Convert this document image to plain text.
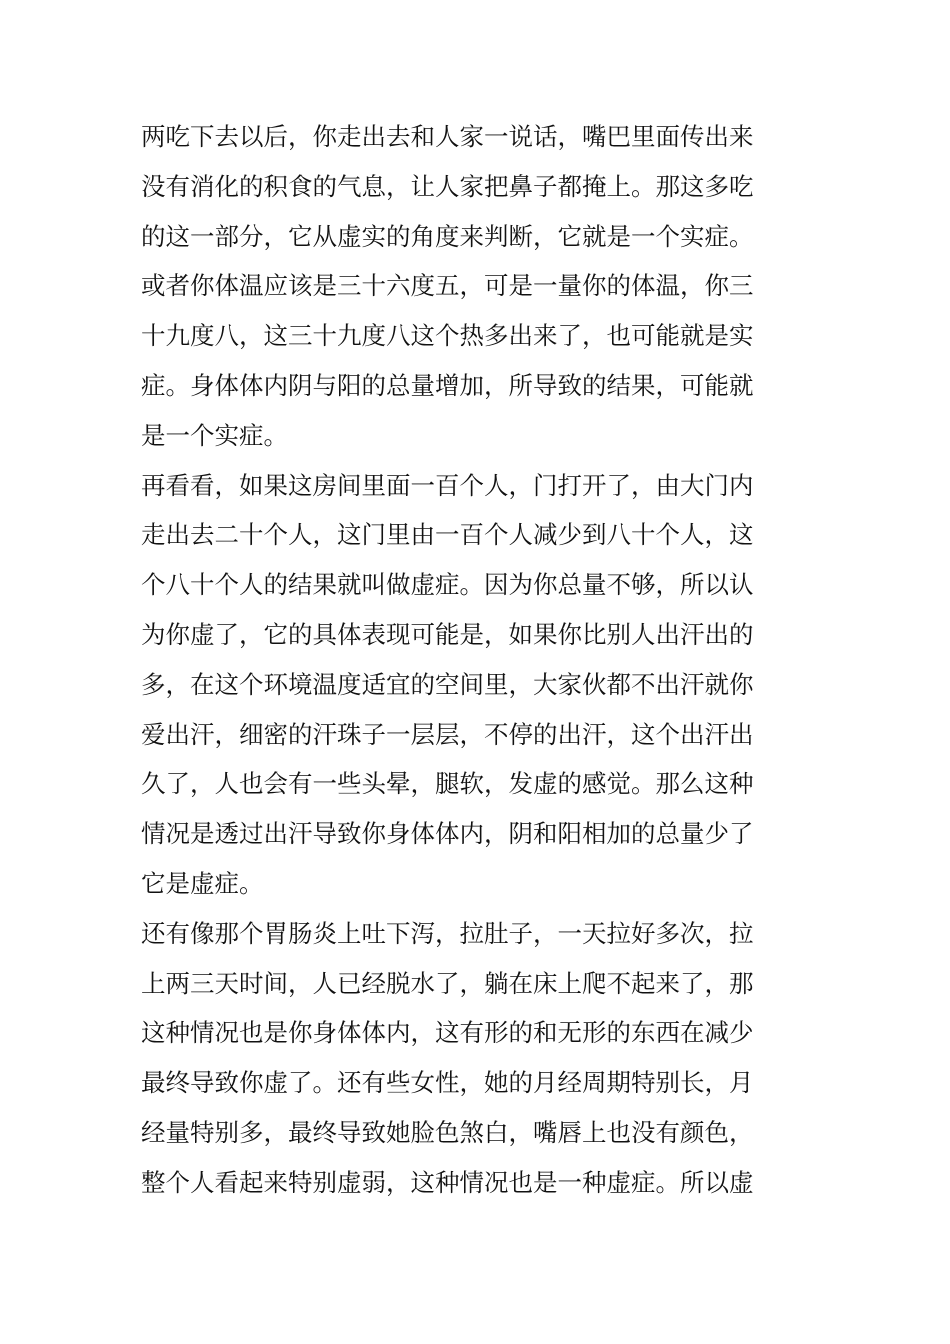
两吃下去以后，你走出去和人家一说话，嘴巴里面传出来
没有消化的积食的气息，让人家把鼻子都掩上。那这多吃
的这一部分，它从虚实的角度来判断，它就是一个实症。
或者你体温应该是三十六度五，可是一量你的体温，你三
十九度八，这三十九度八这个热多出来了，也可能就是实
症。身体体内阴与阳的总量增加，所导致的结果，可能就
是一个实症。
再看看，如果这房间里面一百个人，门打开了，由大门内
走出去二十个人，这门里由一百个人减少到八十个人，这
个八十个人的结果就叫做虚症。因为你总量不够，所以认
为你虚了，它的具体表现可能是，如果你比别人出汗出的
多，在这个环境温度适宜的空间里，大家伙都不出汗就你
爱出汗，细密的汗珠子一层层，不停的出汗，这个出汗出
久了，人也会有一些头晕，腿软，发虚的感觉。那么这种
情况是透过出汗导致你身体体内，阴和阳相加的总量少了
它是虚症。
还有像那个胃肠炎上吐下泻，拉肚子，一天拉好多次，拉
上两三天时间，人已经脱水了，躺在床上爬不起来了，那
这种情况也是你身体体内，这有形的和无形的东西在减少
最终导致你虚了。还有些女性，她的月经周期特别长，月
经量特别多，最终导致她脸色煞白，嘴唇上也没有颜色，
整个人看起来特别虚弱，这种情况也是一种虚症。所以虚
